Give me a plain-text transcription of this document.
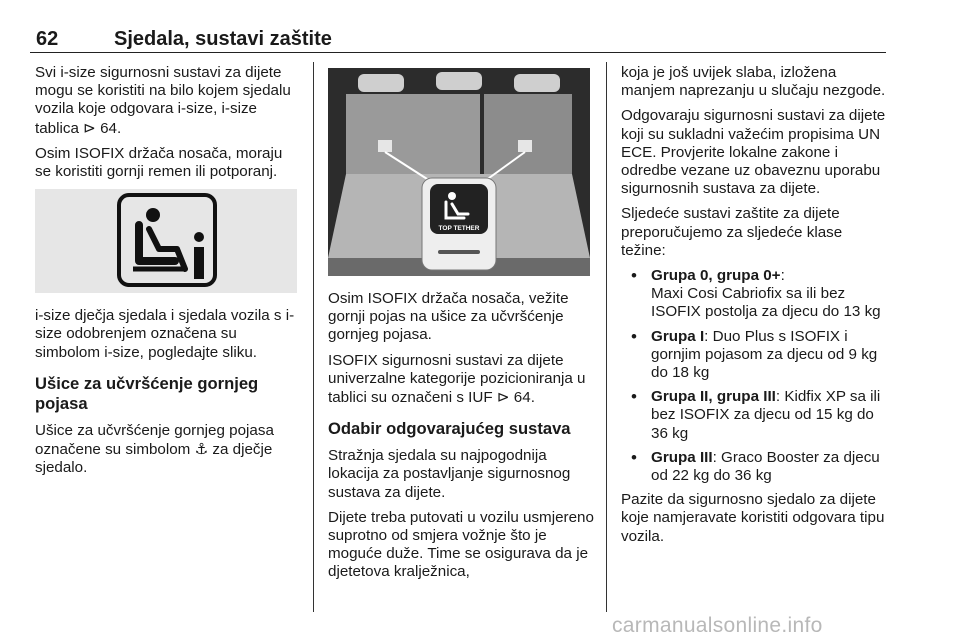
62	Sjedala, sustavi zaštite

Svi i-size sigurnosni sustavi za dijete mogu se koristiti na bilo kojem sjedalu vozila koje odgovara i-size, i-size tablica ⊳ 64.

Osim ISOFIX držača nosača, moraju se koristiti gornji remen ili potporanj.

i-size dječja sjedala i sjedala vozila s i-size odobrenjem označena su simbolom i-size, pogledajte sliku.

Ušice za učvršćenje gornjeg pojasa

Ušice za učvršćenje gornjeg pojasa označene su simbolom ⚓ za dječje sjedalo.

TOP TETHER

Osim ISOFIX držača nosača, vežite gornji pojas na ušice za učvršćenje gornjeg pojasa.

ISOFIX sigurnosni sustavi za dijete univerzalne kategorije pozicioniranja u tablici su označeni s IUF ⊳ 64.

Odabir odgovarajućeg sustava

Stražnja sjedala su najpogodnija lokacija za postavljanje sigurnosnog sustava za dijete.

Dijete treba putovati u vozilu usmjereno suprotno od smjera vožnje što je moguće duže. Time se osigurava da je djetetova kralježnica,

koja je još uvijek slaba, izložena manjem naprezanju u slučaju nezgode.

Odgovaraju sigurnosni sustavi za dijete koji su sukladni važećim propisima UN ECE. Provjerite lokalne zakone i odredbe vezane uz obaveznu uporabu sigurnosnih sustava za dijete.

Sljedeće sustavi zaštite za dijete preporučujemo za sljedeće klase težine:

• Grupa 0, grupa 0+:
Maxi Cosi Cabriofix sa ili bez ISOFIX postolja za djecu do 13 kg
• Grupa I: Duo Plus s ISOFIX i gornjim pojasom za djecu od 9 kg do 18 kg
• Grupa II, grupa III: Kidfix XP sa ili bez ISOFIX za djecu od 15 kg do 36 kg
• Grupa III: Graco Booster za djecu od 22 kg do 36 kg

Pazite da sigurnosno sjedalo za dijete koje namjeravate koristiti odgovara tipu vozila.

carmanualsonline.info
